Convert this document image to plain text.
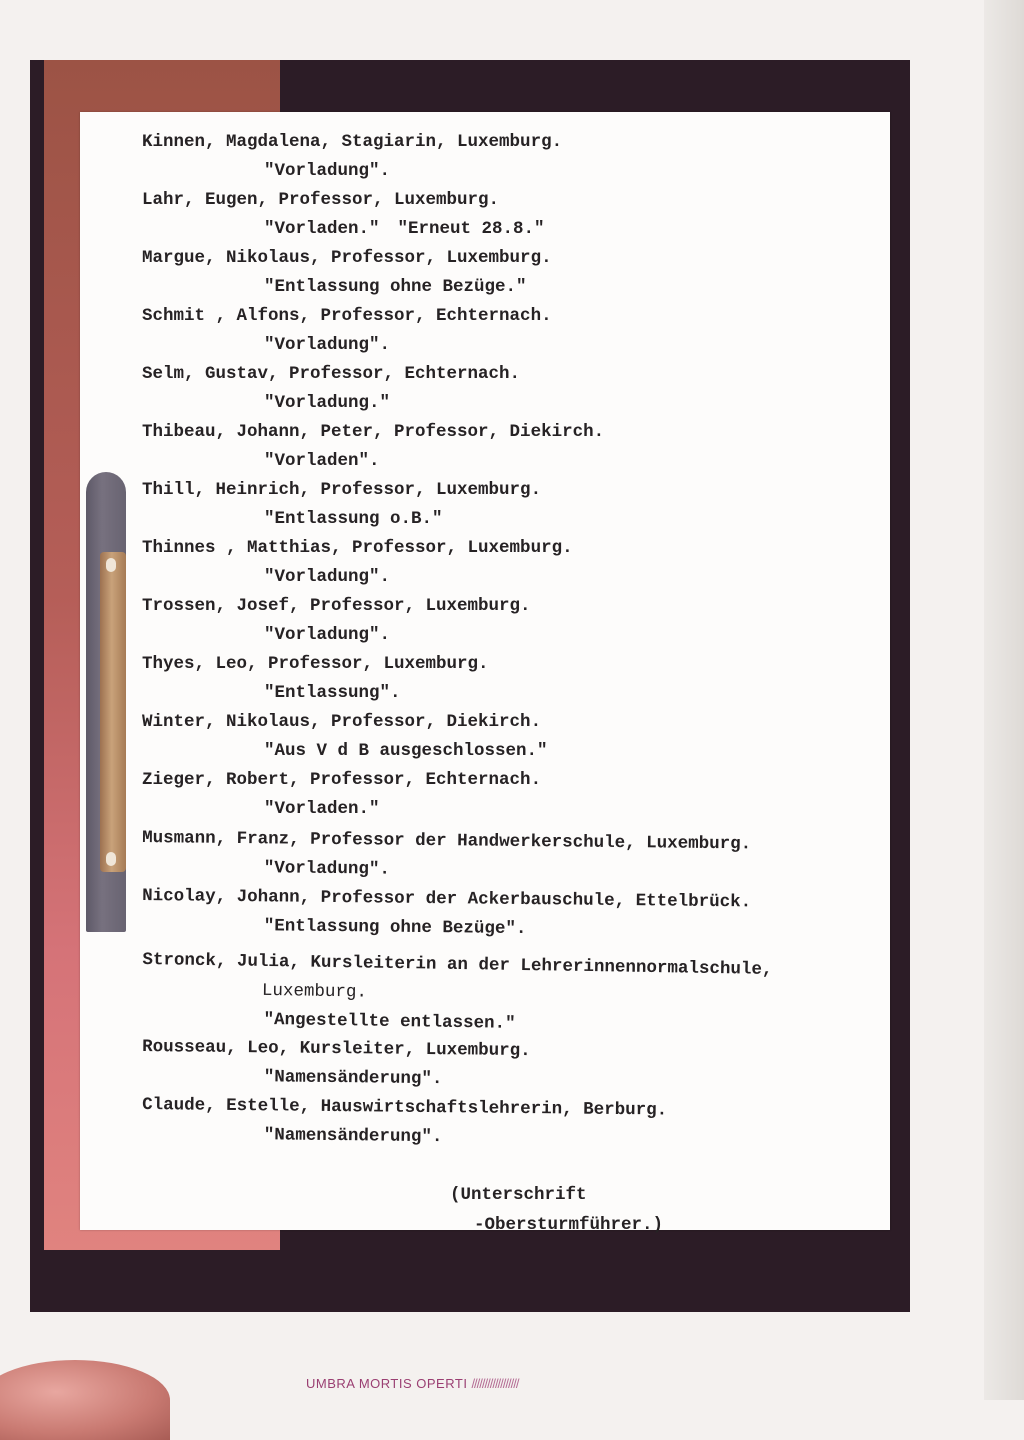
Kinnen, Magdalena, Stagiarin, Luxemburg.
"Vorladung".
Lahr, Eugen, Professor, Luxemburg.
"Vorladen." "Erneut 28.8."
Margue, Nikolaus, Professor, Luxemburg.
"Entlassung ohne Bezüge."
Schmit , Alfons, Professor, Echternach.
"Vorladung".
Selm, Gustav, Professor, Echternach.
"Vorladung."
Thibeau, Johann, Peter, Professor, Diekirch.
"Vorladen".
Thill, Heinrich, Professor, Luxemburg.
"Entlassung o.B."
Thinnes , Matthias, Professor, Luxemburg.
"Vorladung".
Trossen, Josef, Professor, Luxemburg.
"Vorladung".
Thyes, Leo, Professor, Luxemburg.
"Entlassung".
Winter, Nikolaus, Professor, Diekirch.
"Aus V d B ausgeschlossen."
Zieger, Robert, Professor, Echternach.
"Vorladen."
Musmann, Franz, Professor der Handwerkerschule, Luxemburg.
"Vorladung".
Nicolay, Johann, Professor der Ackerbauschule, Ettelbrück.
"Entlassung ohne Bezüge".
Stronck, Julia, Kursleiterin an der Lehrerinnennormalschule,
Luxemburg.
"Angestellte entlassen."
Rousseau, Leo, Kursleiter, Luxemburg.
"Namensänderung".
Claude, Estelle, Hauswirtschaftslehrerin, Berburg.
"Namensänderung".
(Unterschrift
-Obersturmführer.)
UMBRA MORTIS OPERTI //////////////////
